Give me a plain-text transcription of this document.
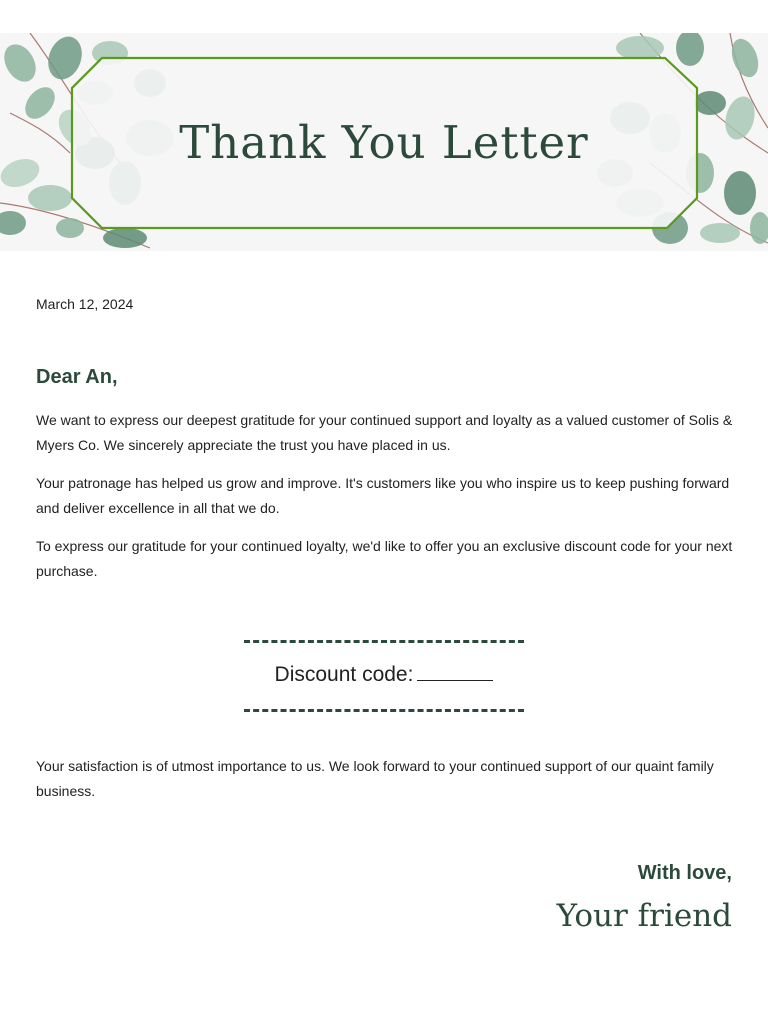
Thank You Letter
March 12, 2024
Dear An,

We want to express our deepest gratitude for your continued support and loyalty as a valued customer of Solis & Myers Co. We sincerely appreciate the trust you have placed in us.

Your patronage has helped us grow and improve. It's customers like you who inspire us to keep pushing forward and deliver excellence in all that we do.

To express our gratitude for your continued loyalty, we'd like to offer you an exclusive discount code for your next purchase.

Discount code:

Your satisfaction is of utmost importance to us. We look forward to your continued support of our quaint family business.

With love,
Your friend
